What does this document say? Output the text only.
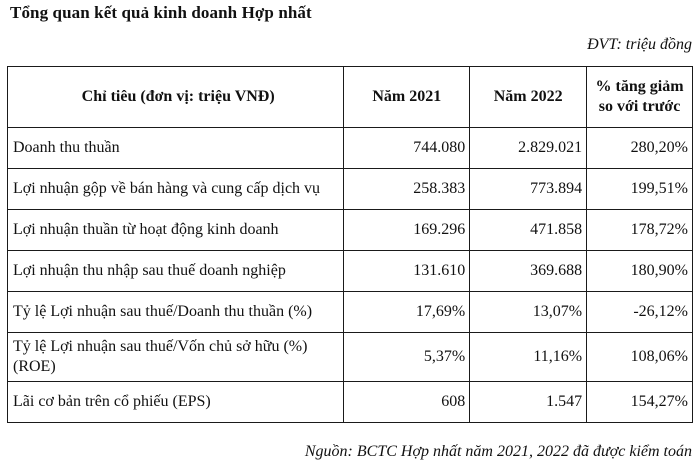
Tổng quan kết quả kinh doanh Hợp nhất
ĐVT: triệu đồng
Chỉ tiêu (đơn vị: triệu VNĐ)	Năm 2021	Năm 2022	% tăng giảm
so với trước
Doanh thu thuần	744.080	2.829.021	280,20%
Lợi nhuận gộp về bán hàng và cung cấp dịch vụ	258.383	773.894	199,51%
Lợi nhuận thuần từ hoạt động kinh doanh	169.296	471.858	178,72%
Lợi nhuận thu nhập sau thuế doanh nghiệp	131.610	369.688	180,90%
Tỷ lệ Lợi nhuận sau thuế/Doanh thu thuần (%)	17,69%	13,07%	-26,12%
Tỷ lệ Lợi nhuận sau thuế/Vốn chủ sở hữu (%) (ROE)	5,37%	11,16%	108,06%
Lãi cơ bản trên cổ phiếu (EPS)	608	1.547	154,27%
Nguồn: BCTC Hợp nhất năm 2021, 2022 đã được kiểm toán
